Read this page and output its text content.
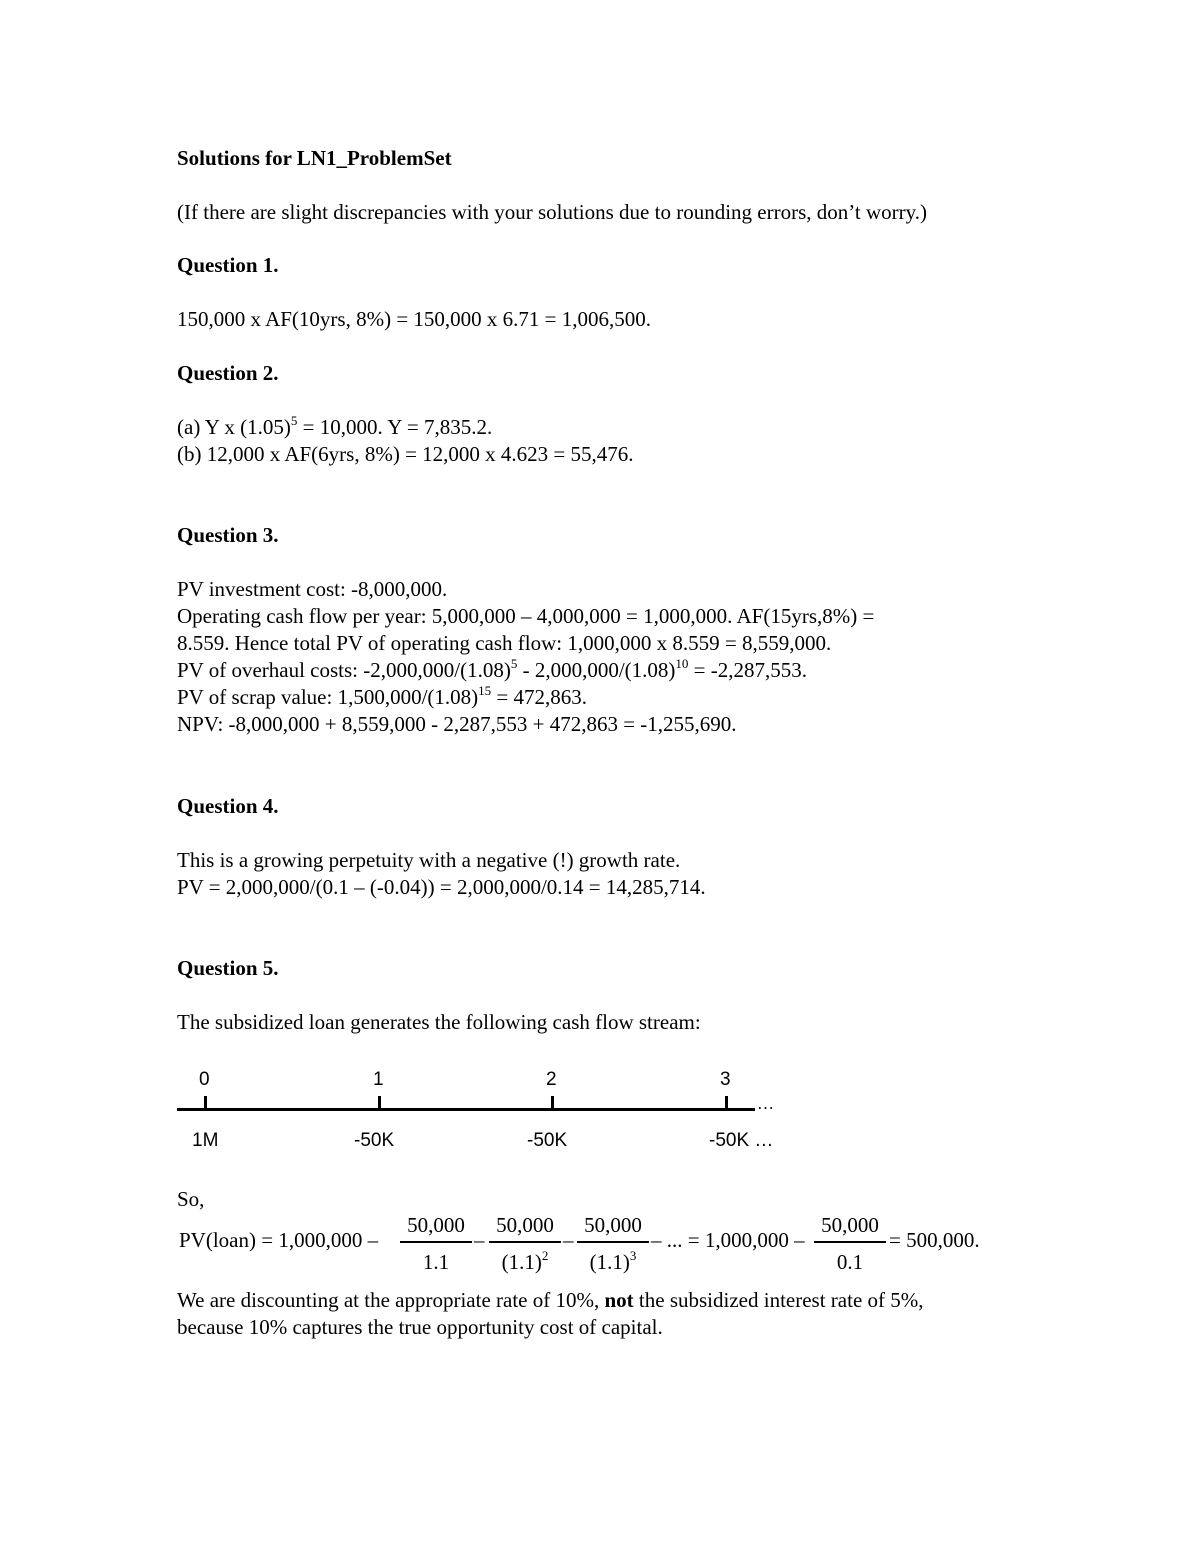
Solutions for LN1_ProblemSet
(If there are slight discrepancies with your solutions due to rounding errors, don’t worry.)
Question 1.
150,000 x AF(10yrs, 8%) = 150,000 x 6.71 = 1,006,500.
Question 2.
(a) Y x $(1.05)^5 = 10,000$. Y = 7,835.2.
(b) 12,000 x AF(6yrs, 8%) = 12,000 x 4.623 = 55,476.
Question 3.
PV investment cost: -8,000,000.
Operating cash flow per year: 5,000,000 – 4,000,000 = 1,000,000. AF(15yrs,8%) =
8.559. Hence total PV of operating cash flow: 1,000,000 x 8.559 = 8,559,000.
PV of overhaul costs: $-2,000,000/(1.08)^5 - 2,000,000/(1.08)^{10} = -2,287,553$.
PV of scrap value: $1,500,000/(1.08)^{15} = 472,863$.
NPV: -8,000,000 + 8,559,000 - 2,287,553 + 472,863 = -1,255,690.
Question 4.
This is a growing perpetuity with a negative (!) growth rate.
PV = 2,000,000/(0.1 – (-0.04)) = 2,000,000/0.14 = 14,285,714.
Question 5.
The subsidized loan generates the following cash flow stream:
0	1	2	3
…
1M	-50K	-50K	-50K …
So,
PV(loan) = 1,000,000 –
50,000
1.1
–
50,000
$(1.1)^2$
–
50,000
$(1.1)^3$
– ... = 1,000,000 –
50,000
0.1
= 500,000.
We are discounting at the appropriate rate of 10%, not the subsidized interest rate of 5%,
because 10% captures the true opportunity cost of capital.
